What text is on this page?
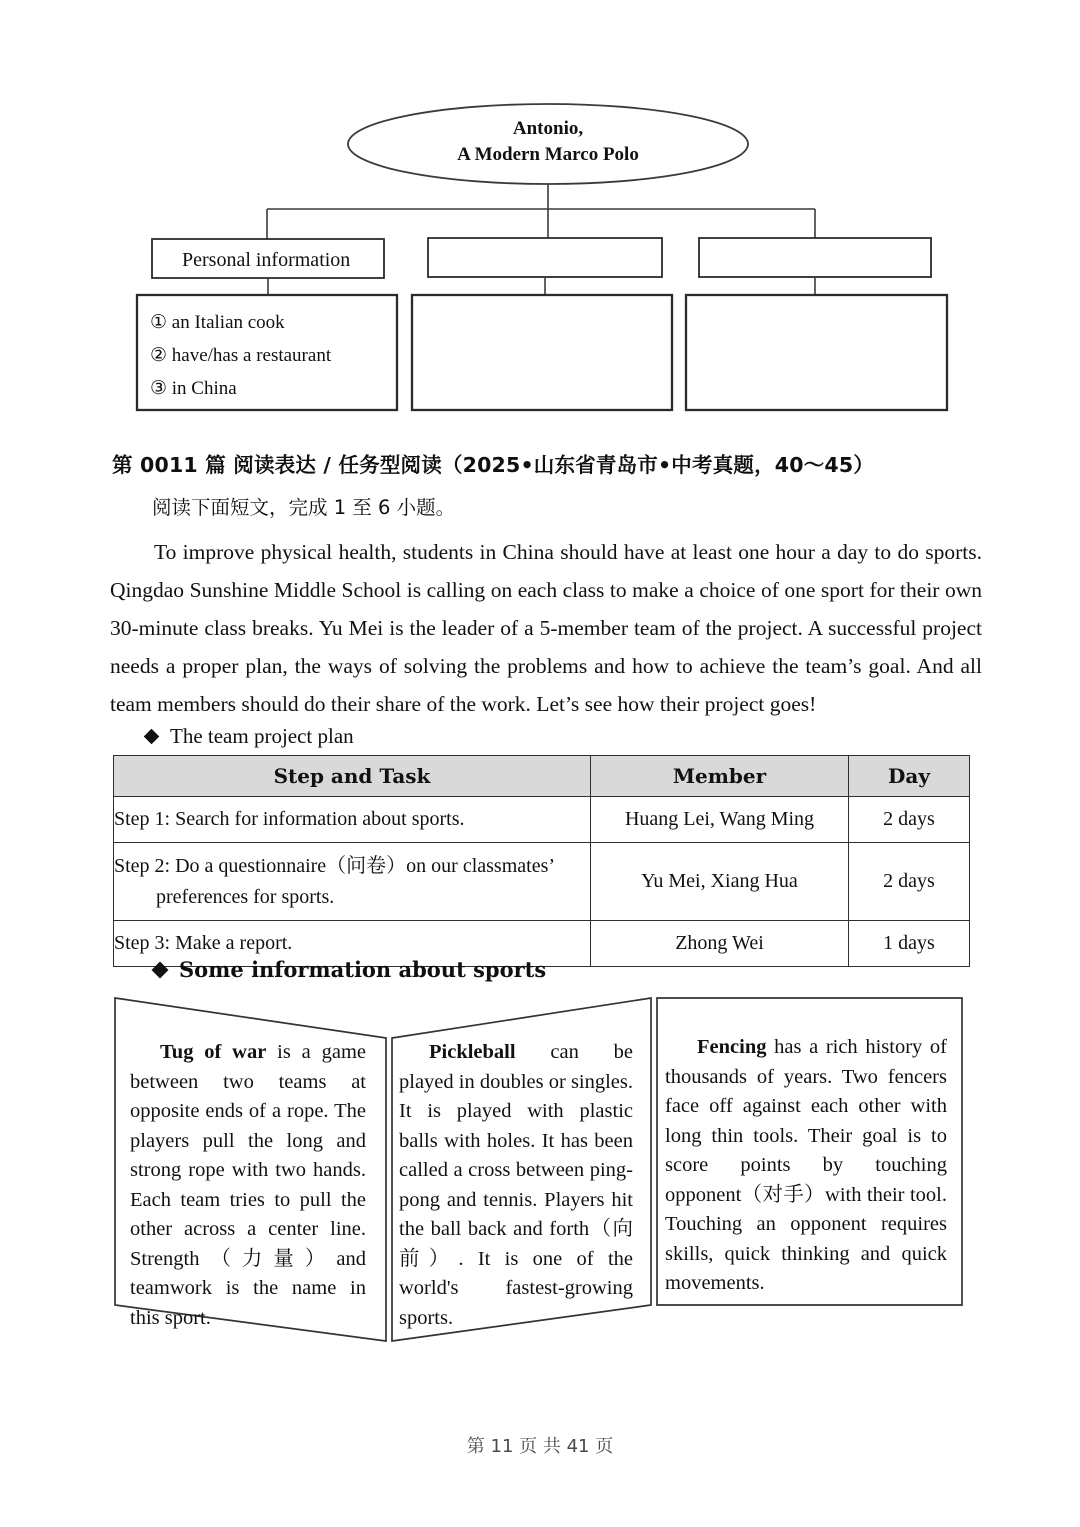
Antonio,
A Modern Marco Polo
Personal information
① an Italian cook
② have/has a restaurant
③ in China
第 0011 篇 阅读表达 / 任务型阅读（2025•山东省青岛市•中考真题，40～45）
阅读下面短文，完成 1 至 6 小题。
To improve physical health, students in China should have at least one hour a day to do sports. Qingdao Sunshine Middle School is calling on each class to make a choice of one sport for their own 30-minute class breaks. Yu Mei is the leader of a 5-member team of the project. A successful project needs a proper plan, the ways of solving the problems and how to achieve the team’s goal. And all team members should do their share of the work. Let’s see how their project goes!
The team project plan
Step and Task	Member	Day
Step 1: Search for information about sports.	Huang Lei, Wang Ming	2 days
Step 2: Do a questionnaire（问卷）on our classmates’
preferences for sports.	Yu Mei, Xiang Hua	2 days
Step 3: Make a report.	Zhong Wei	1 days
Some information about sports
Tug of war is a game between two teams at opposite ends of a rope. The players pull the long and strong rope with two hands. Each team tries to pull the other across a center line. Strength（力量）and teamwork is the name in this sport.
Pickleball can be played in doubles or singles. It is played with plastic balls with holes. It has been called a cross between ping-pong and tennis. Players hit the ball back and forth（向前）. It is one of the world's fastest-growing sports.
Fencing has a rich history of thousands of years. Two fencers face off against each other with long thin tools. Their goal is to score points by touching opponent（对手）with their tool. Touching an opponent requires skills, quick thinking and quick movements.
第 11 页 共 41 页
